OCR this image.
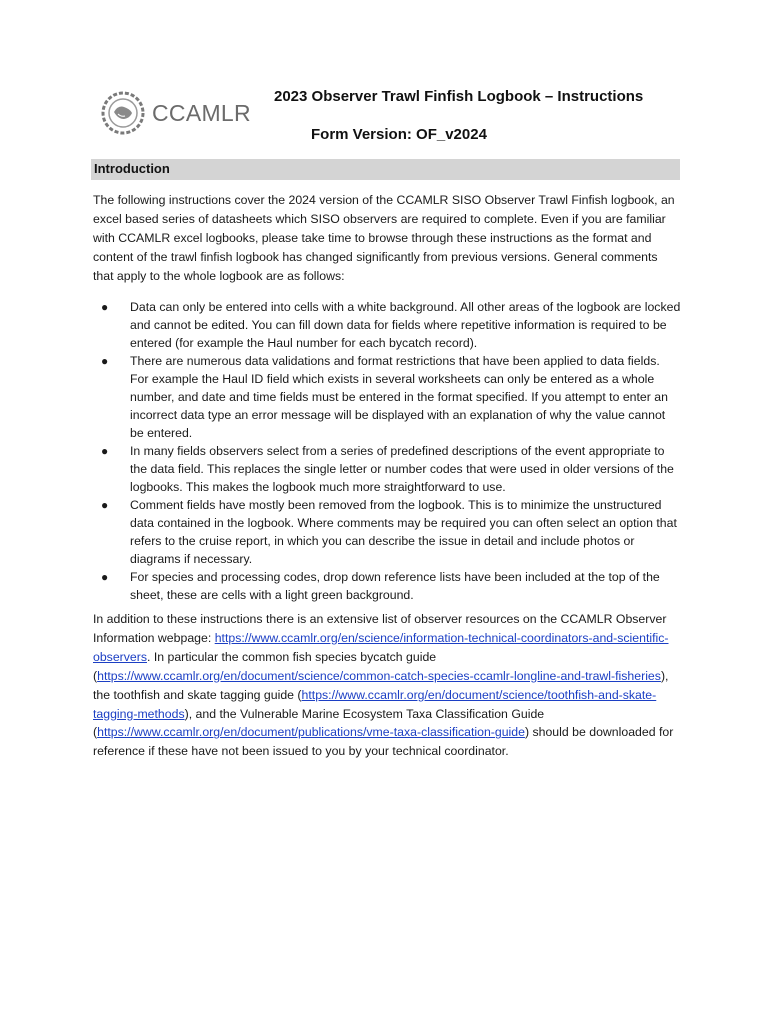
CCAMLR
2023 Observer Trawl Finfish Logbook – Instructions
Form Version: OF_v2024
Introduction

The following instructions cover the 2024 version of the CCAMLR SISO Observer Trawl Finfish logbook, an excel based series of datasheets which SISO observers are required to complete. Even if you are familiar with CCAMLR excel logbooks, please take time to browse through these instructions as the format and content of the trawl finfish logbook has changed significantly from previous versions. General comments that apply to the whole logbook are as follows:

● Data can only be entered into cells with a white background. All other areas of the logbook are locked and cannot be edited. You can fill down data for fields where repetitive information is required to be entered (for example the Haul number for each bycatch record).
● There are numerous data validations and format restrictions that have been applied to data fields. For example the Haul ID field which exists in several worksheets can only be entered as a whole number, and date and time fields must be entered in the format specified. If you attempt to enter an incorrect data type an error message will be displayed with an explanation of why the value cannot be entered.
● In many fields observers select from a series of predefined descriptions of the event appropriate to the data field. This replaces the single letter or number codes that were used in older versions of the logbooks. This makes the logbook much more straightforward to use.
● Comment fields have mostly been removed from the logbook. This is to minimize the unstructured data contained in the logbook. Where comments may be required you can often select an option that refers to the cruise report, in which you can describe the issue in detail and include photos or diagrams if necessary.
● For species and processing codes, drop down reference lists have been included at the top of the sheet, these are cells with a light green background.

In addition to these instructions there is an extensive list of observer resources on the CCAMLR Observer Information webpage: https://www.ccamlr.org/en/science/information-technical-coordinators-and-scientific-observers. In particular the common fish species bycatch guide (https://www.ccamlr.org/en/document/science/common-catch-species-ccamlr-longline-and-trawl-fisheries), the toothfish and skate tagging guide (https://www.ccamlr.org/en/document/science/toothfish-and-skate-tagging-methods), and the Vulnerable Marine Ecosystem Taxa Classification Guide (https://www.ccamlr.org/en/document/publications/vme-taxa-classification-guide) should be downloaded for reference if these have not been issued to you by your technical coordinator.
